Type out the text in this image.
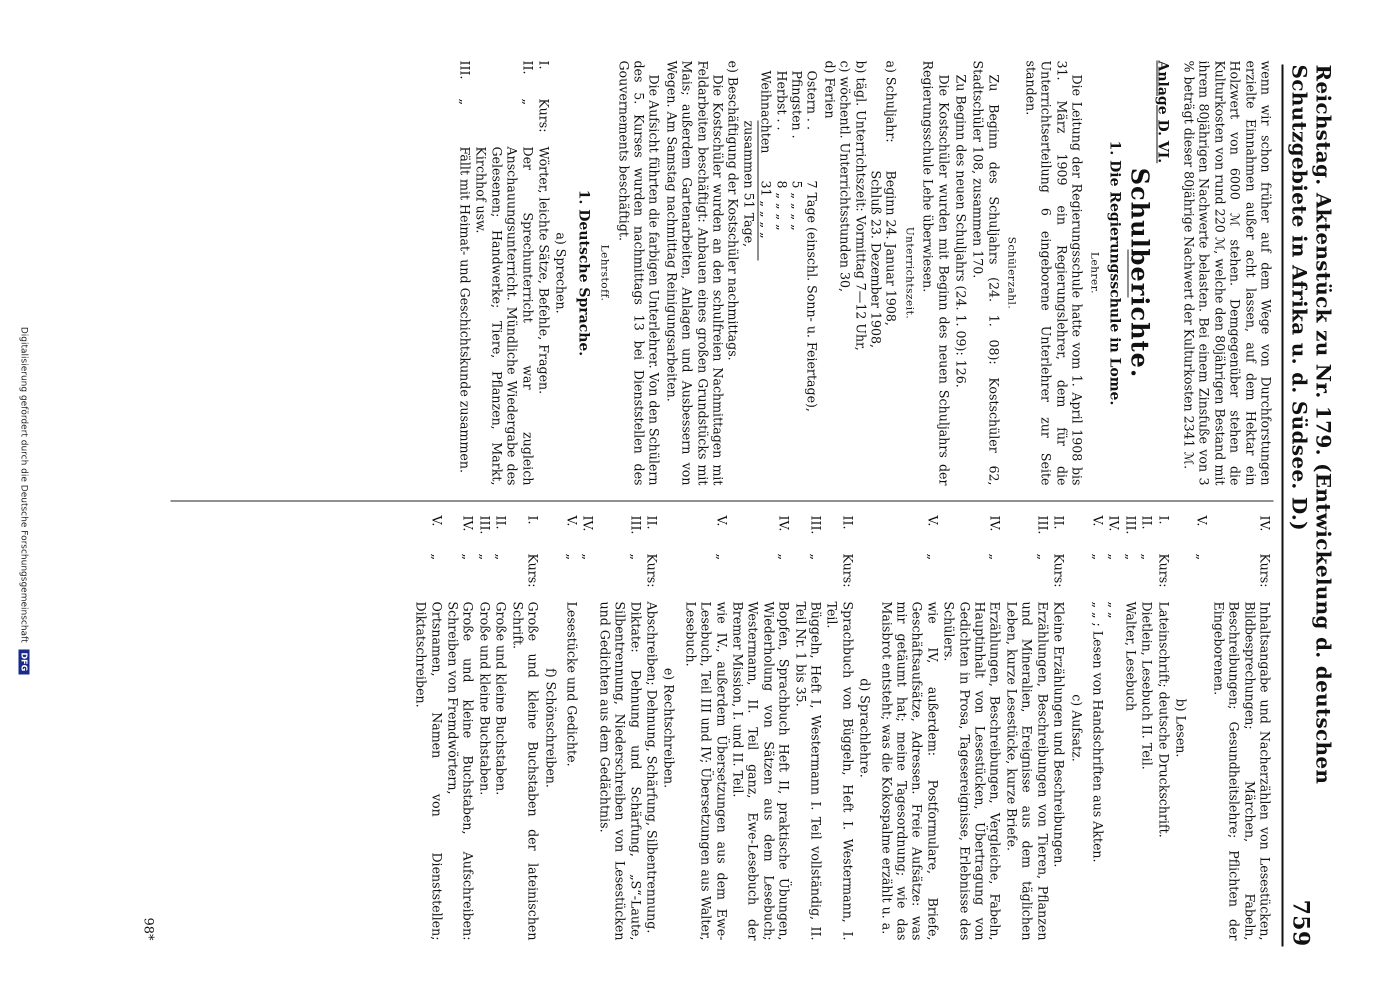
Reichstag. Aktenstück zu Nr. 179. (Entwickelung d. deutschen Schutzgebiete in Afrika u. d. Südsee. D.)
759

wenn wir schon früher auf dem Wege von Durchforstungen erzielte Einnahmen außer acht lassen, auf dem Hektar ein Holzwert von 6000 ℳ stehen. Demgegenüber stehen die Kulturkosten von rund 220 ℳ, welche den 80jährigen Bestand mit ihrem 80jährigen Nachwerte belasten. Bei einem Zinsfuße von 3 % beträgt dieser 80jährige Nachwert der Kulturkosten 2341 ℳ.

Anlage D. VI.
Schulberichte.
1. Die Regierungsschule in Lome.
Lehrer.

Die Leitung der Regierungsschule hatte vom 1. April 1908 bis 31. März 1909 ein Regierungslehrer, dem für die Unterrichtserteilung 6 eingeborene Unterlehrer zur Seite standen.

Schülerzahl.

Zu Beginn des Schuljahrs (24. 1. 08): Kostschüler 62, Stadtschüler 108, zusammen 170.

Zu Beginn des neuen Schuljahrs (24. 1. 09): 126.

Die Kostschüler wurden mit Beginn des neuen Schuljahrs der Regierungsschule Lehe überwiesen.

Unterrichtszeit.
a) Schuljahr:
Beginn 24. Januar 1908,
Schluß 23. Dezember 1908,
b) tägl. Unterrichtszeit: Vormittag 7—12 Uhr,
c) wöchentl. Unterrichtsstunden 30,
d) Ferien
Ostern . .
7 Tage (einschl. Sonn- u. Feiertage),
Pfingsten .
5 „ „ „ „
Herbst . .
8 „ „ „ „
Weihnachten
31 „ „ „ „
zusammen 51 Tage,
e) Beschäftigung der Kostschüler nachmittags.

Die Kostschüler wurden an den schulfreien Nachmittagen mit Feldarbeiten beschäftigt: Anbauen eines großen Grundstücks mit Mais; außerdem Gartenarbeiten, Anlagen und Ausbessern von Wegen. Am Samstag nachmittag Reinigungsarbeiten.

Die Aufsicht führten die farbigen Unterlehrer. Von den Schülern des 5. Kurses wurden nachmittags 13 bei Dienststellen des Gouvernements beschäftigt.

Lehrstoff.
1. Deutsche Sprache.
a) Sprechen.
I.
Kurs:
Wörter, leichte Sätze, Befehle, Fragen.
II.
„
Der Sprechunterricht war zugleich Anschauungsunterricht. Mündliche Wiedergabe des Gelesenen; Handwerke; Tiere, Pflanzen, Markt, Kirchhof usw.
III.
„
Fällt mit Heimat- und Geschichtskunde zusammen.
IV.
Kurs:
Inhaltsangabe und Nacherzählen von Lesestücken, Bildbesprechungen; Märchen, Fabeln, Beschreibungen; Gesundheitslehre; Pflichten der Eingeborenen.
V.
„
b) Lesen.
I.
Kurs:
Lateinschrift; deutsche Druckschrift.
II.
„
Dietlein, Lesebuch II. Teil.
III.
„
Walter, Lesebuch
IV.
„
„ „
V.
„
„ „ ; Lesen von Handschriften aus Akten.
c) Aufsatz.
II.
Kurs:
Kleine Erzählungen und Beschreibungen.
III.
„
Erzählungen, Beschreibungen von Tieren, Pflanzen und Mineralien, Ereignisse aus dem täglichen Leben, kurze Lesestücke, kurze Briefe.
IV.
„
Erzählungen, Beschreibungen, Vergleiche, Fabeln, Hauptinhalt von Lesestücken, Übertragung von Gedichten in Prosa, Tagesereignisse, Erlebnisse des Schülers.
V.
„
wie IV, außerdem: Postformulare, Briefe, Geschäftsaufsätze, Adressen. Freie Aufsätze: was mir getäumt hat; meine Tagesordnung; wie das Maisbrot entsteht; was die Kokospalme erzählt u. a.
d) Sprachlehre.
II.
Kurs:
Sprachbuch von Büggeln, Heft I. Westermann, I. Teil.
III.
„
Büggeln, Heft I, Westermann I. Teil vollständig, II. Teil Nr. 1 bis 35.
IV.
„
Bopfen, Sprachbuch Heft II, praktische Übungen, Wiederholung von Sätzen aus dem Lesebuch; Westermann, II. Teil ganz, Ewe-Lesebuch der Bremer Mission, I. und II. Teil.
V.
„
wie IV., außerdem Übersetzungen aus dem Ewe-Lesebuch, Teil III und IV; Übersetzungen aus Walter, Lesebuch.
e) Rechtschreiben.
II.
Kurs:
Abschreiben; Dehnung, Schärfung, Silbentrennung.
III.
„
Diktate: Dehnung und Schärfung, „S“-Laute, Silbentrennung, Niederschreiben von Lesestücken und Gedichten aus dem Gedächtnis.
IV.
„
V.
„
Lesestücke und Gedichte.
f) Schönschreiben.
I.
Kurs:
Große und kleine Buchstaben der lateinischen Schrift.
II.
„
Große und kleine Buchstaben.
III.
„
Große und kleine Buchstaben.
IV.
„
Große und kleine Buchstaben, Aufschreiben: Schreiben von Fremdwörtern,
V.
„
Ortsnamen, Namen von Dienststellen; Diktatschreiben.
98*
Digitalisierung gefördert durch die Deutsche Forschungsgemeinschaft DFG
